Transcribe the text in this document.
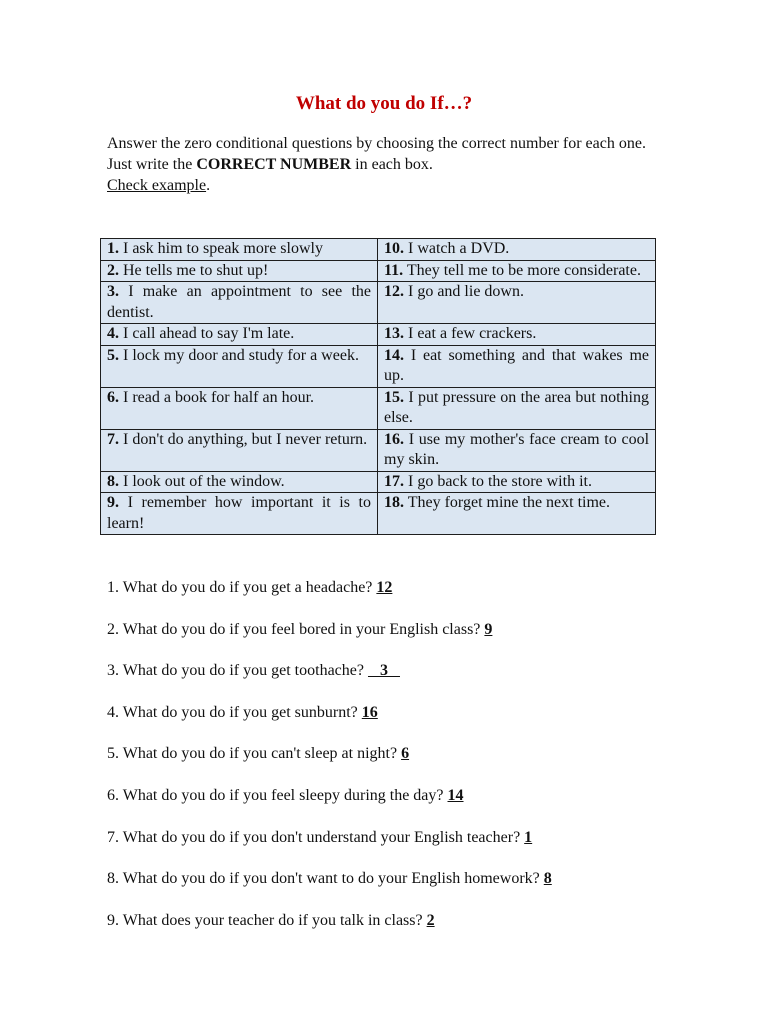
What do you do If…?
Answer the zero conditional questions by choosing the correct number for each one. Just write the CORRECT NUMBER in each box.
Check example.
1. I ask him to speak more slowly	10. I watch a DVD.
2. He tells me to shut up!	11. They tell me to be more considerate.
3. I make an appointment to see the dentist.	12. I go and lie down.
4. I call ahead to say I'm late.	13. I eat a few crackers.
5. I lock my door and study for a week.	14. I eat something and that wakes me up.
6. I read a book for half an hour.	15. I put pressure on the area but nothing else.
7. I don't do anything, but I never return.	16. I use my mother's face cream to cool my skin.
8. I look out of the window.	17. I go back to the store with it.
9. I remember how important it is to learn!	18. They forget mine the next time.
1. What do you do if you get a headache? 12
2. What do you do if you feel bored in your English class? 9
3. What do you do if you get toothache?   3
4. What do you do if you get sunburnt? 16
5. What do you do if you can't sleep at night? 6
6. What do you do if you feel sleepy during the day? 14
7. What do you do if you don't understand your English teacher? 1
8. What do you do if you don't want to do your English homework? 8
9. What does your teacher do if you talk in class? 2
